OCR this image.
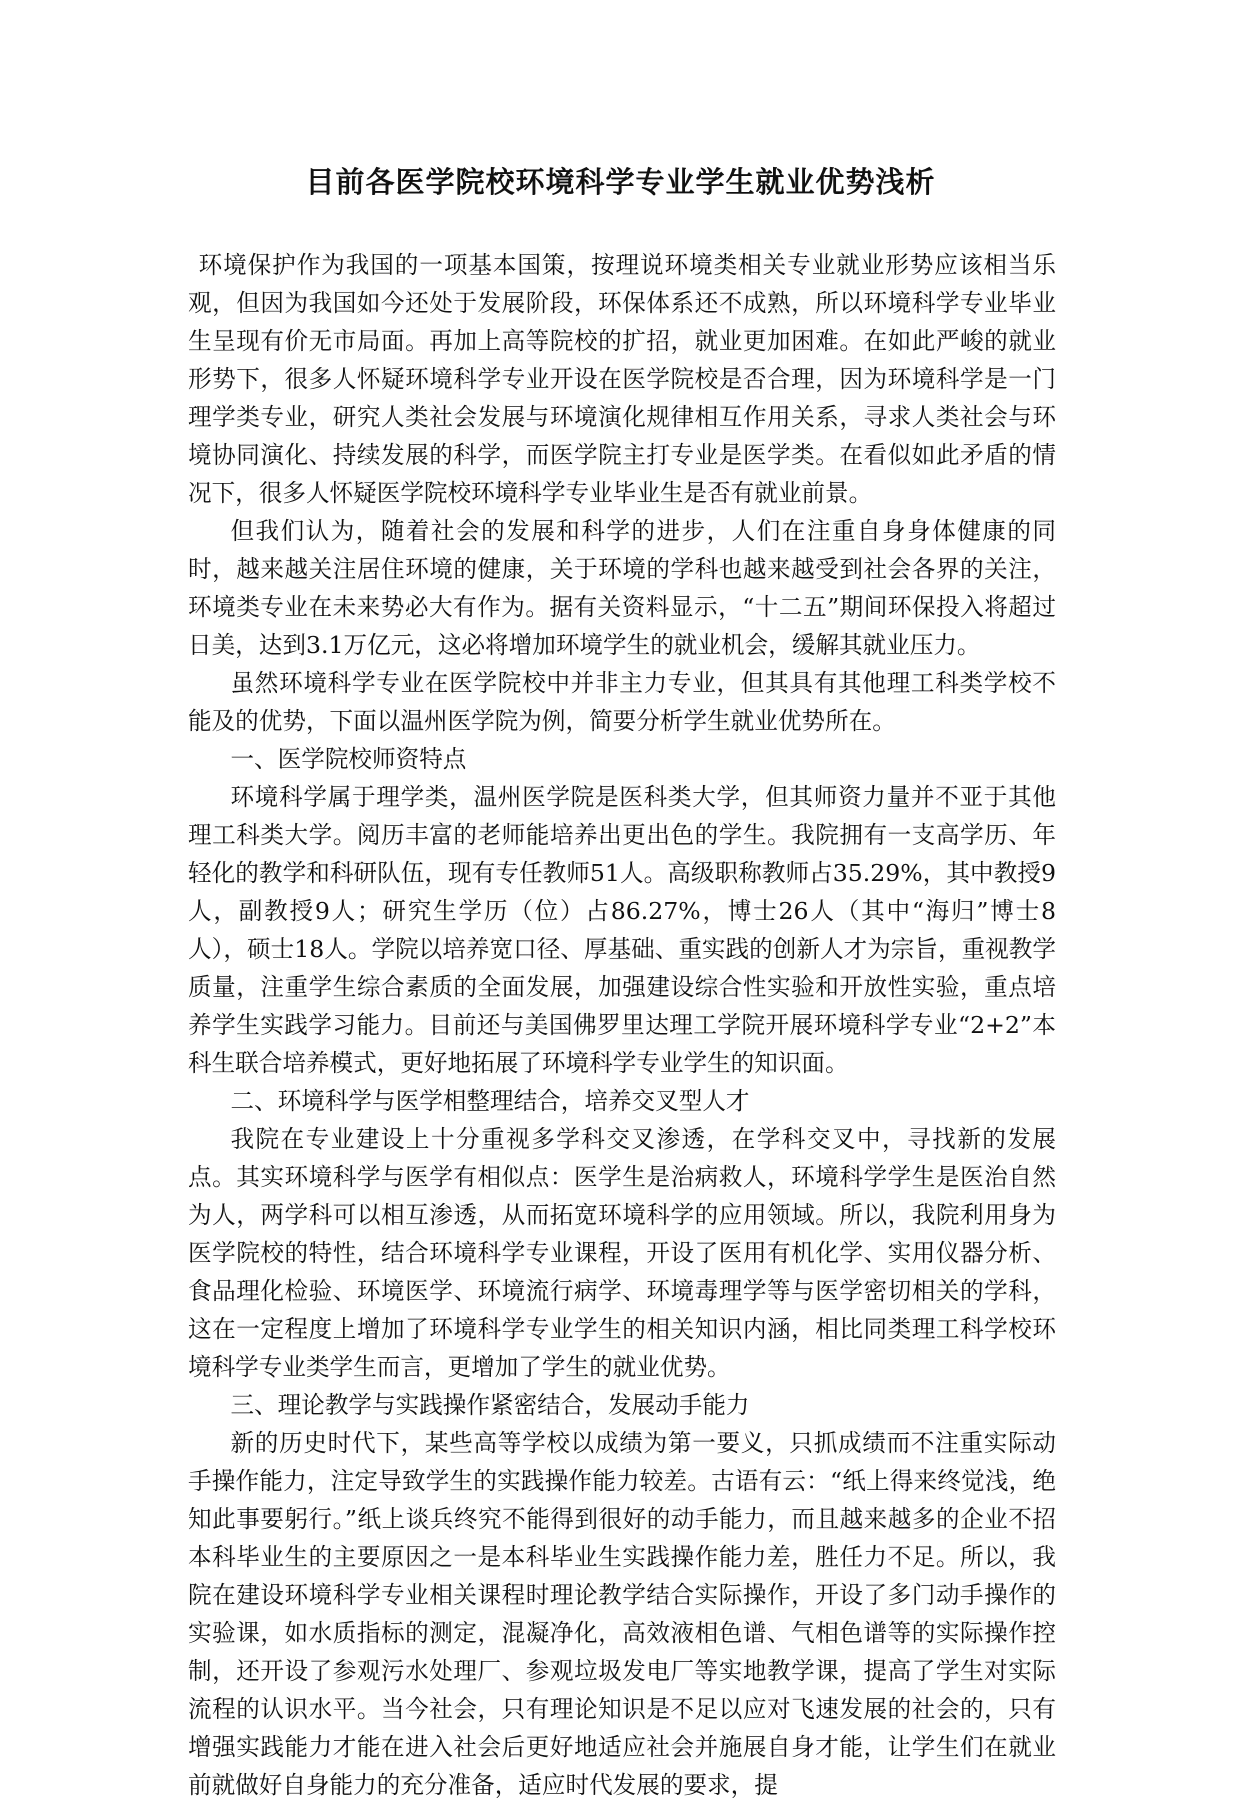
目前各医学院校环境科学专业学生就业优势浅析

环境保护作为我国的一项基本国策，按理说环境类相关专业就业形势应该相当乐观，但因为我国如今还处于发展阶段，环保体系还不成熟，所以环境科学专业毕业生呈现有价无市局面。再加上高等院校的扩招，就业更加困难。在如此严峻的就业形势下，很多人怀疑环境科学专业开设在医学院校是否合理，因为环境科学是一门理学类专业，研究人类社会发展与环境演化规律相互作用关系，寻求人类社会与环境协同演化、持续发展的科学，而医学院主打专业是医学类。在看似如此矛盾的情况下，很多人怀疑医学院校环境科学专业毕业生是否有就业前景。

但我们认为，随着社会的发展和科学的进步，人们在注重自身身体健康的同时，越来越关注居住环境的健康，关于环境的学科也越来越受到社会各界的关注，环境类专业在未来势必大有作为。据有关资料显示，“十二五”期间环保投入将超过日美，达到3.1万亿元，这必将增加环境学生的就业机会，缓解其就业压力。

虽然环境科学专业在医学院校中并非主力专业，但其具有其他理工科类学校不能及的优势，下面以温州医学院为例，简要分析学生就业优势所在。

一、医学院校师资特点

环境科学属于理学类，温州医学院是医科类大学，但其师资力量并不亚于其他理工科类大学。阅历丰富的老师能培养出更出色的学生。我院拥有一支高学历、年轻化的教学和科研队伍，现有专任教师51人。高级职称教师占35.29%，其中教授9人，副教授9人；研究生学历（位）占86.27%，博士26人（其中“海归”博士8人），硕士18人。学院以培养宽口径、厚基础、重实践的创新人才为宗旨，重视教学质量，注重学生综合素质的全面发展，加强建设综合性实验和开放性实验，重点培养学生实践学习能力。目前还与美国佛罗里达理工学院开展环境科学专业“2+2”本科生联合培养模式，更好地拓展了环境科学专业学生的知识面。

二、环境科学与医学相整理结合，培养交叉型人才

我院在专业建设上十分重视多学科交叉渗透，在学科交叉中，寻找新的发展点。其实环境科学与医学有相似点：医学生是治病救人，环境科学学生是医治自然为人，两学科可以相互渗透，从而拓宽环境科学的应用领域。所以，我院利用身为医学院校的特性，结合环境科学专业课程，开设了医用有机化学、实用仪器分析、食品理化检验、环境医学、环境流行病学、环境毒理学等与医学密切相关的学科，这在一定程度上增加了环境科学专业学生的相关知识内涵，相比同类理工科学校环境科学专业类学生而言，更增加了学生的就业优势。

三、理论教学与实践操作紧密结合，发展动手能力

新的历史时代下，某些高等学校以成绩为第一要义，只抓成绩而不注重实际动手操作能力，注定导致学生的实践操作能力较差。古语有云：“纸上得来终觉浅，绝知此事要躬行。”纸上谈兵终究不能得到很好的动手能力，而且越来越多的企业不招本科毕业生的主要原因之一是本科毕业生实践操作能力差，胜任力不足。所以，我院在建设环境科学专业相关课程时理论教学结合实际操作，开设了多门动手操作的实验课，如水质指标的测定，混凝净化，高效液相色谱、气相色谱等的实际操作控制，还开设了参观污水处理厂、参观垃圾发电厂等实地教学课，提高了学生对实际流程的认识水平。当今社会，只有理论知识是不足以应对飞速发展的社会的，只有增强实践能力才能在进入社会后更好地适应社会并施展自身才能，让学生们在就业前就做好自身能力的充分准备，适应时代发展的要求，提
